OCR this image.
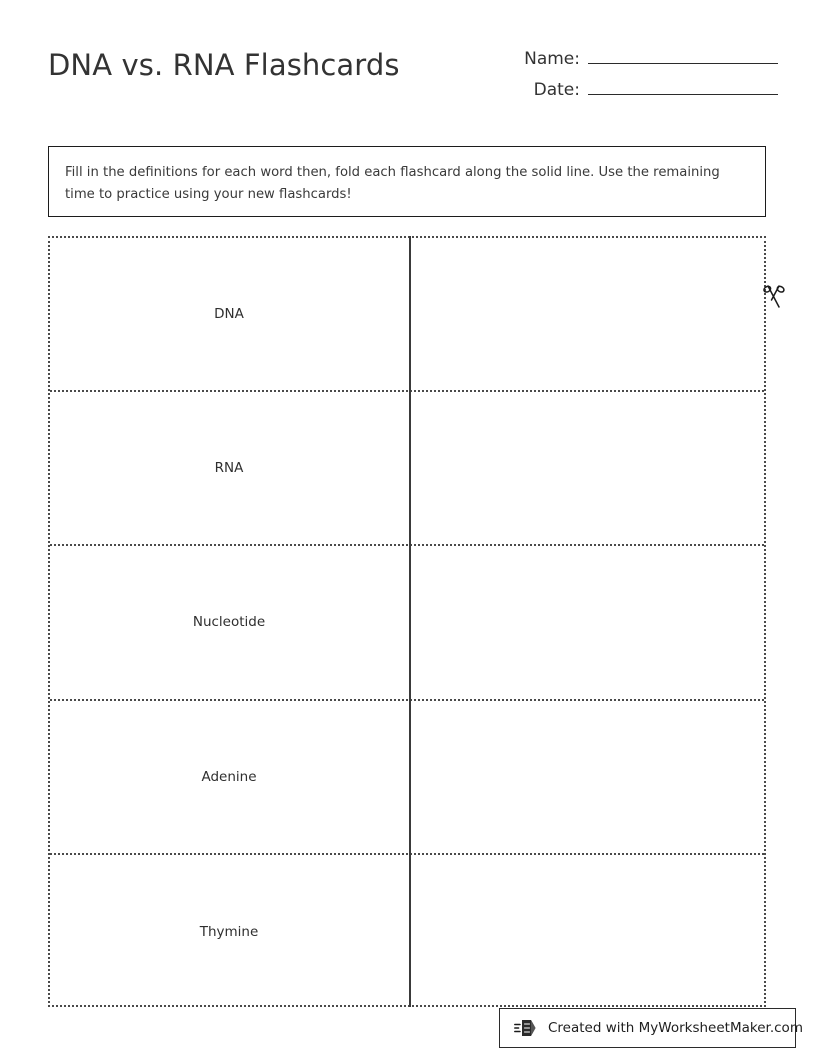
DNA vs. RNA Flashcards	Name:
Date:
Fill in the definitions for each word then, fold each flashcard along the solid line. Use the remaining time to practice using your new flashcards!
DNA
RNA
Nucleotide
Adenine
Thymine
Created with MyWorksheetMaker.com
